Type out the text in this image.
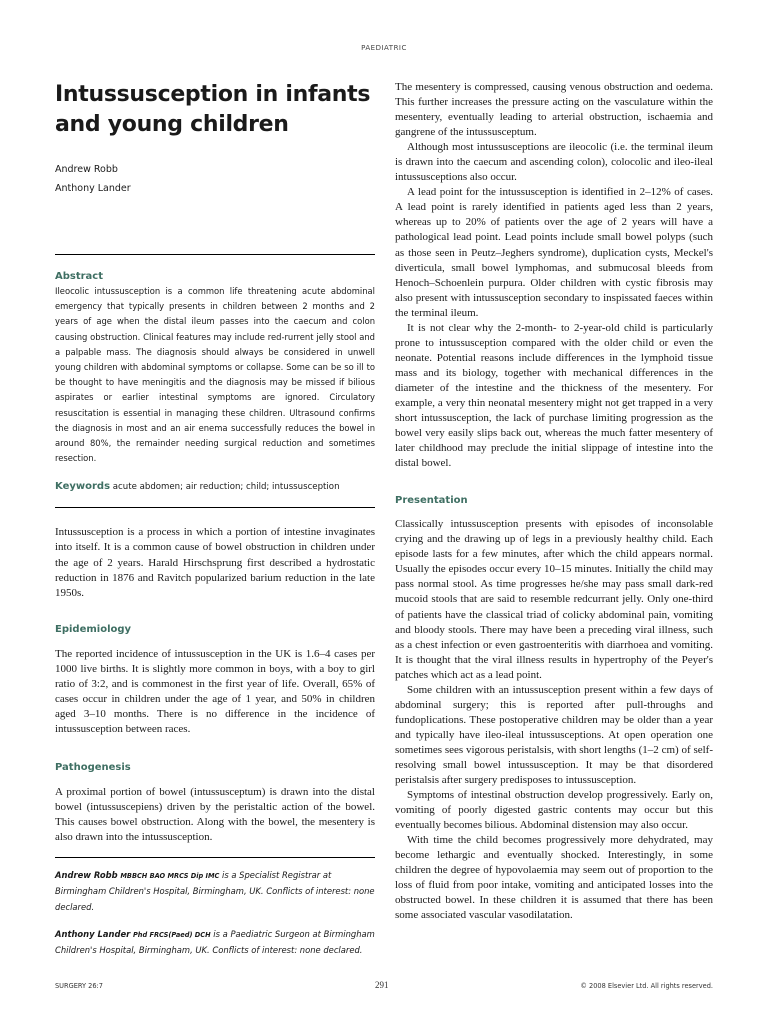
PAEDIATRIC
Intussusception in infants and young children

Andrew Robb

Anthony Lander

Abstract

Ileocolic intussusception is a common life threatening acute abdominal emergency that typically presents in children between 2 months and 2 years of age when the distal ileum passes into the caecum and colon causing obstruction. Clinical features may include red-rurrent jelly stool and a palpable mass. The diagnosis should always be considered in unwell young children with abdominal symptoms or collapse. Some can be so ill to be thought to have meningitis and the diagnosis may be missed if bilious aspirates or earlier intestinal symptoms are ignored. Circulatory resuscitation is essential in managing these children. Ultrasound confirms the diagnosis in most and an air enema successfully reduces the bowel in around 80%, the remainder needing surgical reduction and sometimes resection.

Keywords acute abdomen; air reduction; child; intussusception

Intussusception is a process in which a portion of intestine invaginates into itself. It is a common cause of bowel obstruction in children under the age of 2 years. Harald Hirschsprung first described a hydrostatic reduction in 1876 and Ravitch popularized barium reduction in the late 1950s.

Epidemiology

The reported incidence of intussusception in the UK is 1.6–4 cases per 1000 live births. It is slightly more common in boys, with a boy to girl ratio of 3:2, and is commonest in the first year of life. Overall, 65% of cases occur in children under the age of 1 year, and 50% in children aged 3–10 months. There is no difference in the incidence of intussusception between races.

Pathogenesis

A proximal portion of bowel (intussusceptum) is drawn into the distal bowel (intussuscepiens) driven by the peristaltic action of the bowel. This causes bowel obstruction. Along with the bowel, the mesentery is also drawn into the intussusception.

Andrew Robb MBBCH BAO MRCS Dip IMC is a Specialist Registrar at Birmingham Children's Hospital, Birmingham, UK. Conflicts of interest: none declared.

Anthony Lander Phd FRCS(Paed) DCH is a Paediatric Surgeon at Birmingham Children's Hospital, Birmingham, UK. Conflicts of interest: none declared.

The mesentery is compressed, causing venous obstruction and oedema. This further increases the pressure acting on the vasculature within the mesentery, eventually leading to arterial obstruction, ischaemia and gangrene of the intussusceptum.

Although most intussusceptions are ileocolic (i.e. the terminal ileum is drawn into the caecum and ascending colon), colocolic and ileo-ileal intussusceptions also occur.

A lead point for the intussusception is identified in 2–12% of cases. A lead point is rarely identified in patients aged less than 2 years, whereas up to 20% of patients over the age of 2 years will have a pathological lead point. Lead points include small bowel polyps (such as those seen in Peutz–Jeghers syndrome), duplication cysts, Meckel's diverticula, small bowel lymphomas, and submucosal bleeds from Henoch–Schoenlein purpura. Older children with cystic fibrosis may also present with intussusception secondary to inspissated faeces within the terminal ileum.

It is not clear why the 2-month- to 2-year-old child is particularly prone to intussusception compared with the older child or even the neonate. Potential reasons include differences in the lymphoid tissue mass and its biology, together with mechanical differences in the diameter of the intestine and the thickness of the mesentery. For example, a very thin neonatal mesentery might not get trapped in a very short intussusception, the lack of purchase limiting progression as the bowel very easily slips back out, whereas the much fatter mesentery of later childhood may preclude the initial slippage of intestine into the distal bowel.

Presentation

Classically intussusception presents with episodes of inconsolable crying and the drawing up of legs in a previously healthy child. Each episode lasts for a few minutes, after which the child appears normal. Usually the episodes occur every 10–15 minutes. Initially the child may pass normal stool. As time progresses he/she may pass small dark-red mucoid stools that are said to resemble redcurrant jelly. Only one-third of patients have the classical triad of colicky abdominal pain, vomiting and bloody stools. There may have been a preceding viral illness, such as a chest infection or even gastroenteritis with diarrhoea and vomiting. It is thought that the viral illness results in hypertrophy of the Peyer's patches which act as a lead point.

Some children with an intussusception present within a few days of abdominal surgery; this is reported after pull-throughs and fundoplications. These postoperative children may be older than a year and typically have ileo-ileal intussusceptions. At open operation one sometimes sees vigorous peristalsis, with short lengths (1–2 cm) of self-resolving small bowel intussusception. It may be that disordered peristalsis after surgery predisposes to intussusception.

Symptoms of intestinal obstruction develop progressively. Early on, vomiting of poorly digested gastric contents may occur but this eventually becomes bilious. Abdominal distension may also occur.

With time the child becomes progressively more dehydrated, may become lethargic and eventually shocked. Interestingly, in some children the degree of hypovolaemia may seem out of proportion to the loss of fluid from poor intake, vomiting and anticipated losses into the obstructed bowel. In these children it is assumed that there has been some associated vascular vasodilatation.

SURGERY 26:7	291	© 2008 Elsevier Ltd. All rights reserved.
